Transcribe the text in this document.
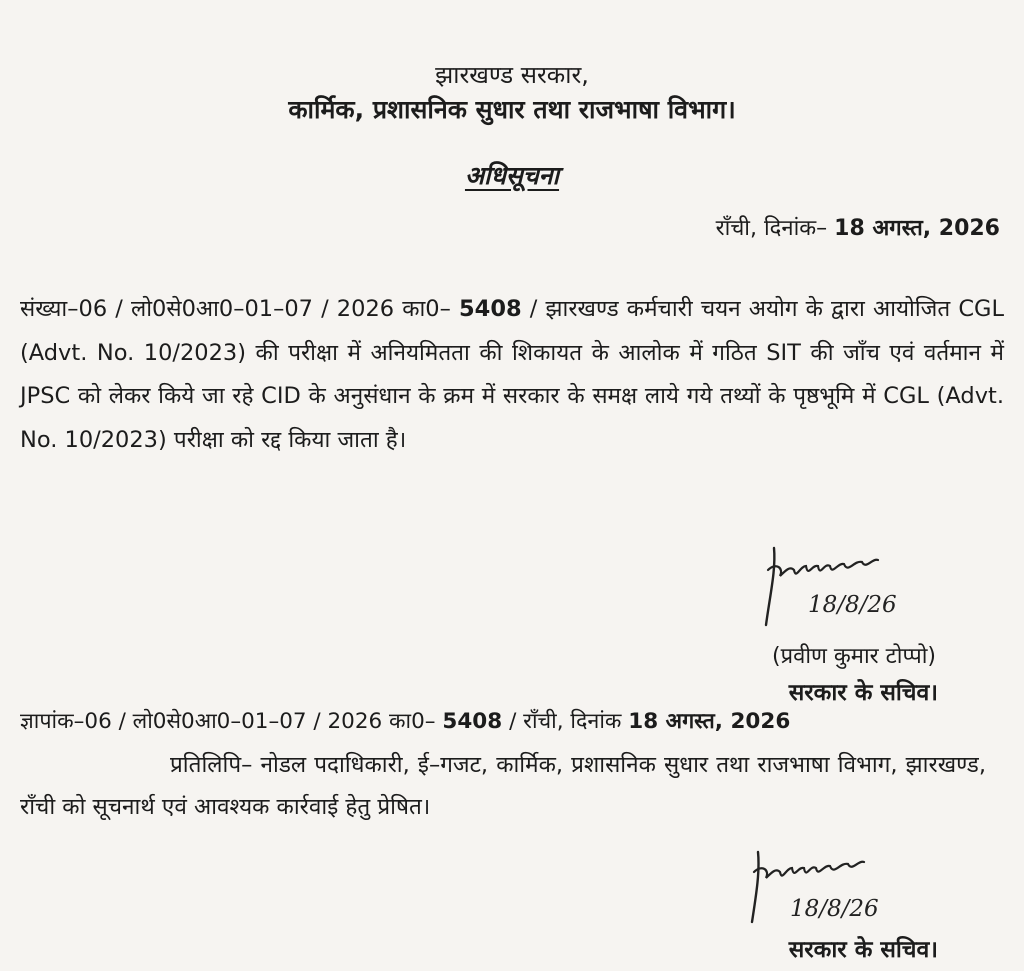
झारखण्ड सरकार,
कार्मिक, प्रशासनिक सुधार तथा राजभाषा विभाग।
अधिसूचना
राँची, दिनांक– 18 अगस्त, 2026
संख्या–06 / लो0से0आ0–01–07 / 2026 का0– 5408 / झारखण्ड कर्मचारी चयन अयोग के द्वारा आयोजित CGL (Advt. No. 10/2023) की परीक्षा में अनियमितता की शिकायत के आलोक में गठित SIT की जाँच एवं वर्तमान में JPSC को लेकर किये जा रहे CID के अनुसंधान के क्रम में सरकार के समक्ष लाये गये तथ्यों के पृष्ठभूमि में CGL (Advt. No. 10/2023) परीक्षा को रद्द किया जाता है।
18/8/26
(प्रवीण कुमार टोप्पो)
सरकार के सचिव।
ज्ञापांक–06 / लो0से0आ0–01–07 / 2026 का0– 5408 / राँची, दिनांक 18 अगस्त, 2026
प्रतिलिपि– नोडल पदाधिकारी, ई–गजट, कार्मिक, प्रशासनिक सुधार तथा राजभाषा विभाग, झारखण्ड, राँची को सूचनार्थ एवं आवश्यक कार्रवाई हेतु प्रेषित।
18/8/26
सरकार के सचिव।
